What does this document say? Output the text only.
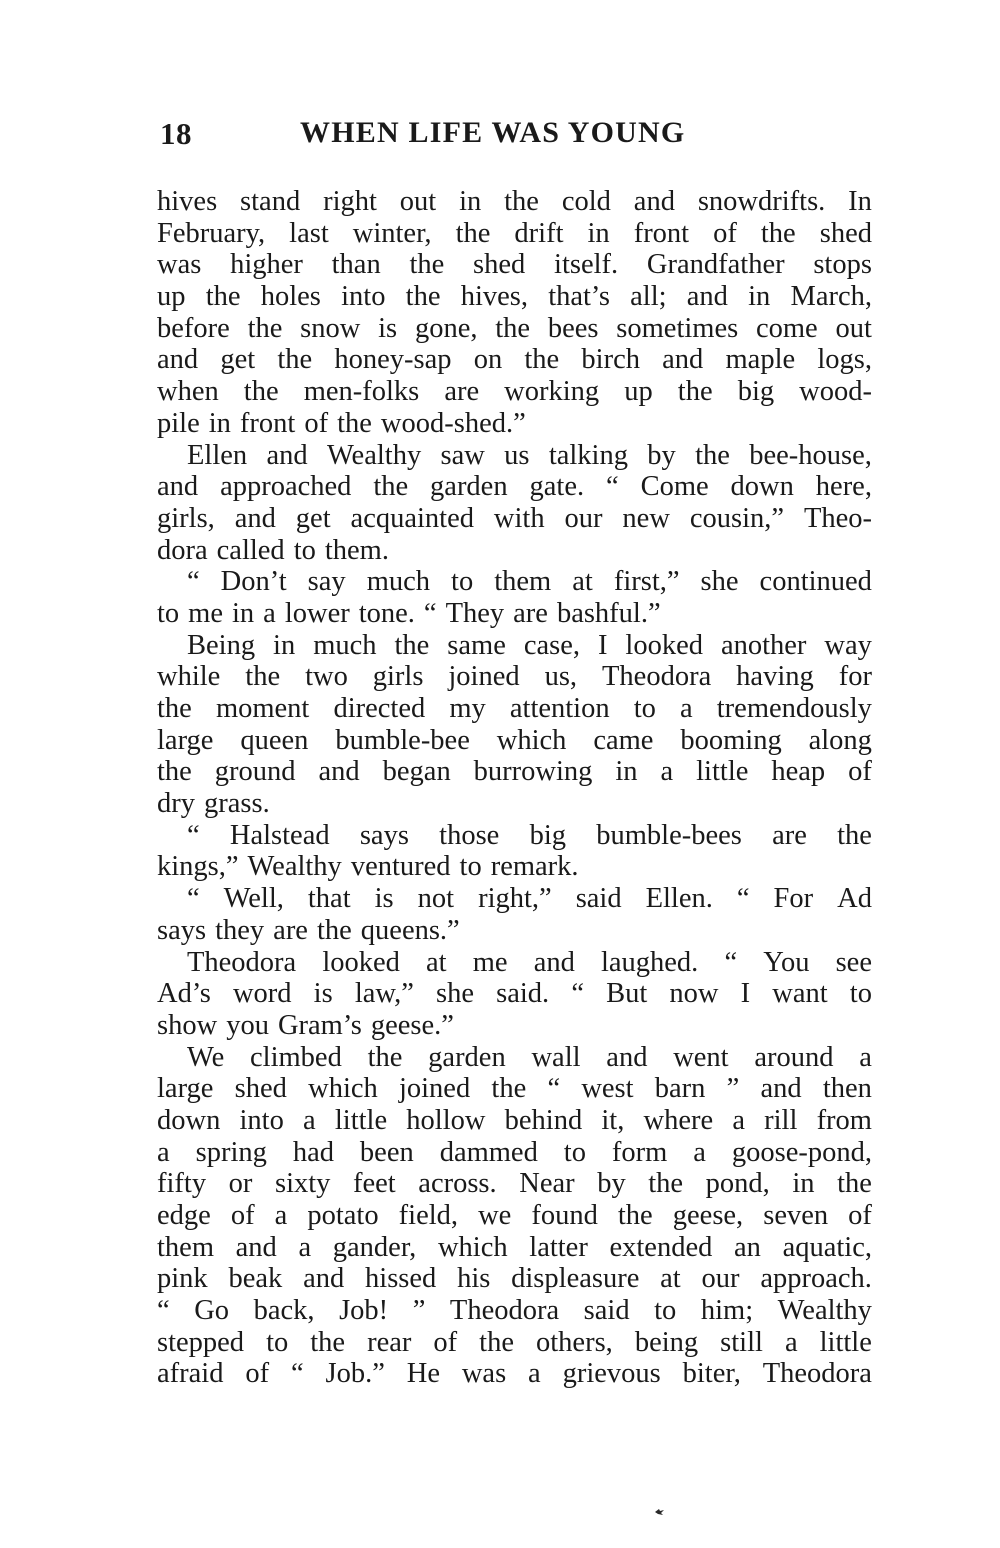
18	WHEN LIFE WAS YOUNG
hives stand right out in the cold and snowdrifts. In
February, last winter, the drift in front of the shed
was higher than the shed itself. Grandfather stops
up the holes into the hives, that’s all; and in March,
before the snow is gone, the bees sometimes come out
and get the honey-sap on the birch and maple logs,
when the men-folks are working up the big wood-
pile in front of the wood-shed.”
Ellen and Wealthy saw us talking by the bee-house,
and approached the garden gate. “ Come down here,
girls, and get acquainted with our new cousin,” Theo-
dora called to them.
“ Don’t say much to them at first,” she continued
to me in a lower tone. “ They are bashful.”
Being in much the same case, I looked another way
while the two girls joined us, Theodora having for
the moment directed my attention to a tremendously
large queen bumble-bee which came booming along
the ground and began burrowing in a little heap of
dry grass.
“ Halstead says those big bumble-bees are the
kings,” Wealthy ventured to remark.
“ Well, that is not right,” said Ellen. “ For Ad
says they are the queens.”
Theodora looked at me and laughed. “ You see
Ad’s word is law,” she said. “ But now I want to
show you Gram’s geese.”
We climbed the garden wall and went around a
large shed which joined the “ west barn ” and then
down into a little hollow behind it, where a rill from
a spring had been dammed to form a goose-pond,
fifty or sixty feet across. Near by the pond, in the
edge of a potato field, we found the geese, seven of
them and a gander, which latter extended an aquatic,
pink beak and hissed his displeasure at our approach.
“ Go back, Job! ” Theodora said to him; Wealthy
stepped to the rear of the others, being still a little
afraid of “ Job.” He was a grievous biter, Theodora
